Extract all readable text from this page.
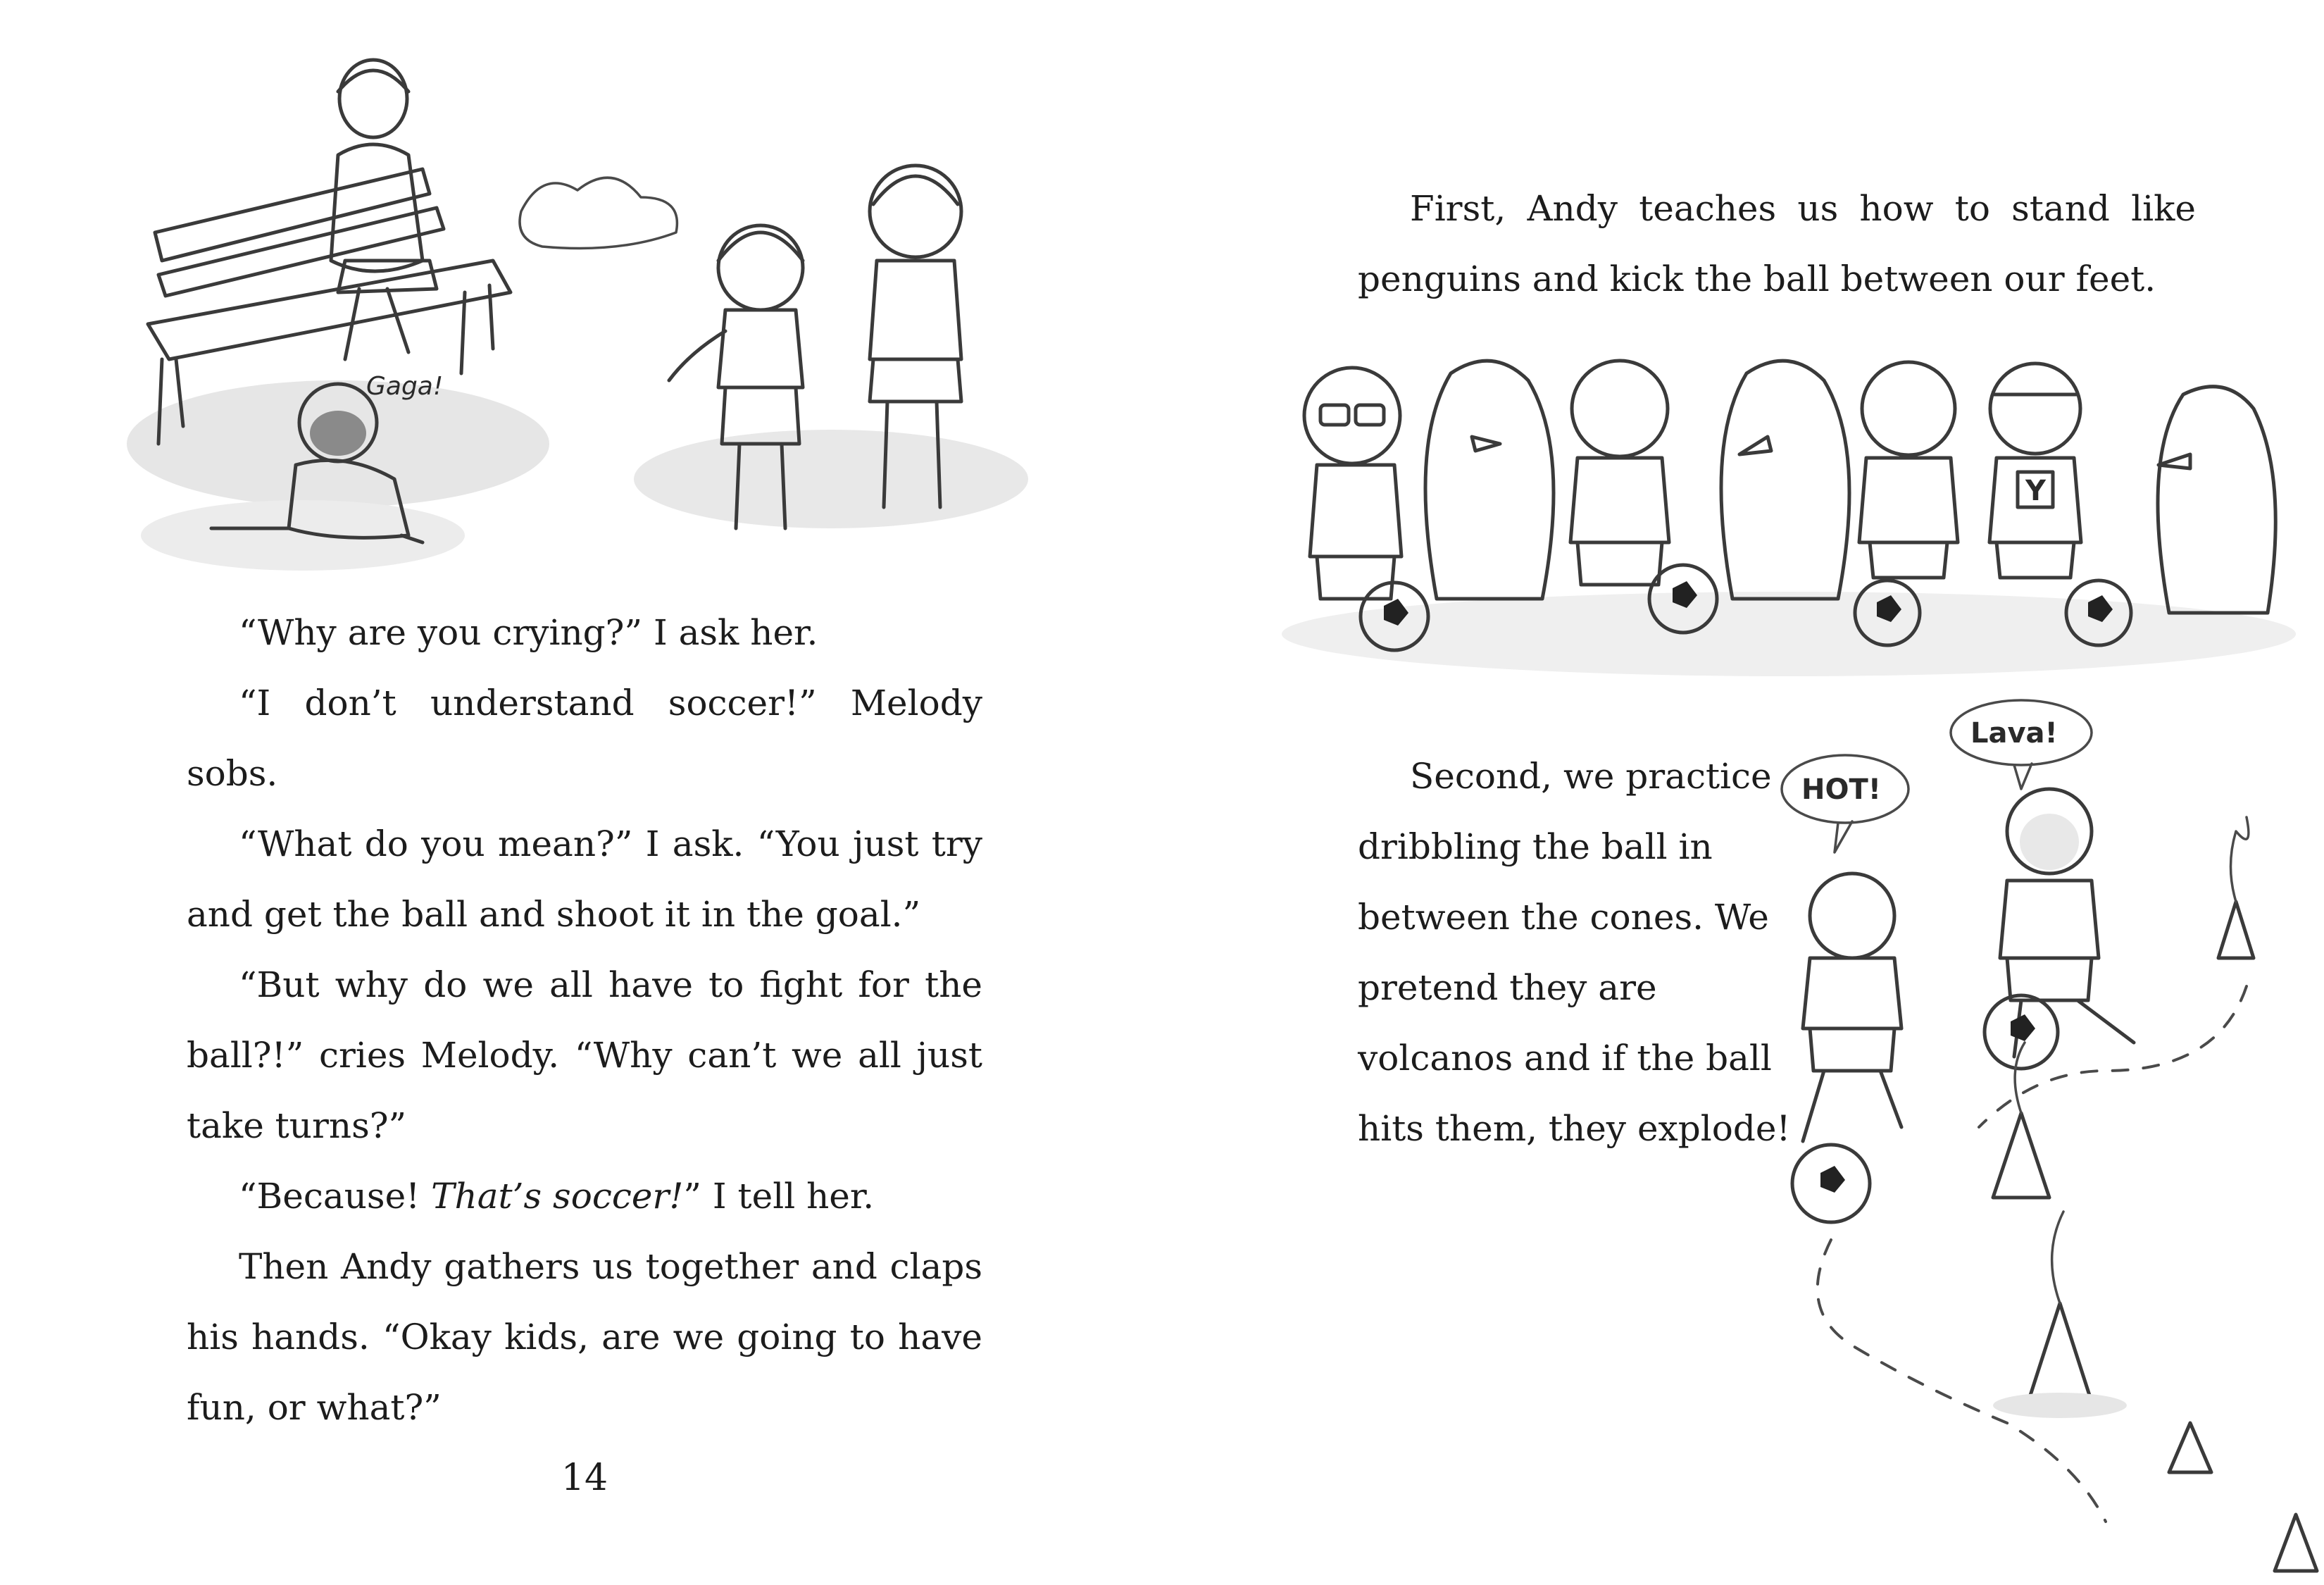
Gaga!

“Why are you crying?” I ask her.

“I don’t understand soccer!” Melody sobs.

“What do you mean?” I ask. “You just try and get the ball and shoot it in the goal.”

“But why do we all have to fight for the ball?!” cries Melody. “Why can’t we all just take turns?”

“Because! That’s soccer!” I tell her.

Then Andy gathers us together and claps his hands. “Okay kids, are we going to have fun, or what?”

14
First, Andy teaches us how to stand like penguins and kick the ball between our feet.
Y
Second, we practice dribbling the ball in between the cones. We pretend they are volcanos and if the ball hits them, they explode!
HOT!
Lava!
